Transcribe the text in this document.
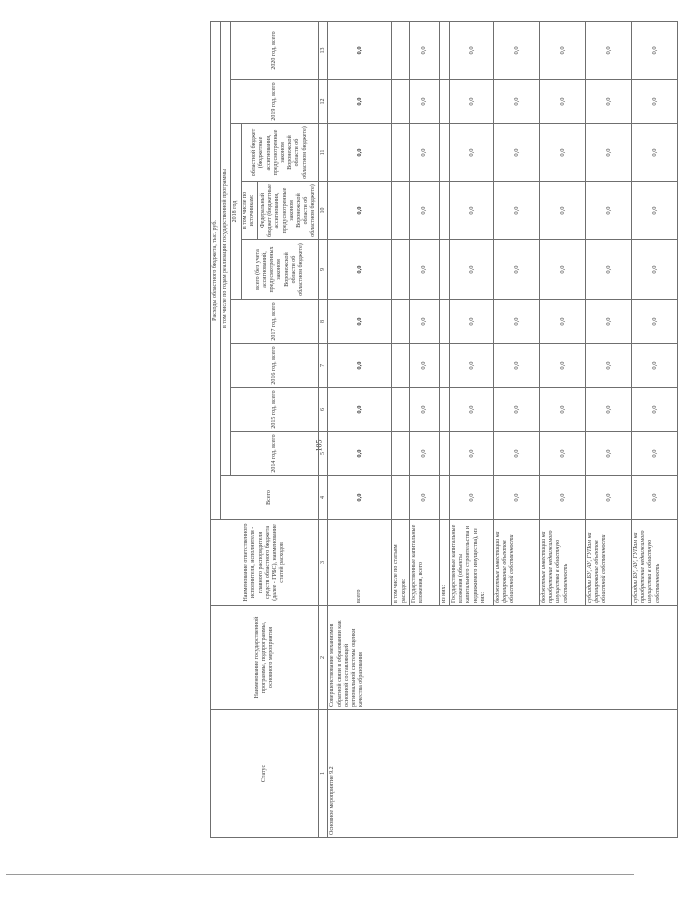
105
Статус	Наименование государственной программы, подпрограммы, основного мероприятия	Наименование ответственного исполнителя, исполнителя - главного распорядителя средств областного бюджета (далее - ГРБС), наименование статей расходов	Расходы областного бюджета, тыс. руб.									
			Всего	в том числе по годам реализации государственной программы								
				2014 год, всего	2015 год, всего	2016 год, всего	2017 год, всего	2018 год			2019 год, всего	2020 год, всего
								всего (без учета ассигнований, предусмотренных законом Воронежской области об областном бюджете)	в том числе по источникам: Федеральный бюджет (бюджетные ассигнования, предусмотренные законом Воронежской области об областном бюджете)	областной бюджет (бюджетные ассигнования, предусмотренные законом Воронежской области об областном бюджете)		
1	2	3	4	5	6	7	8	9	10	11	12	13
Основное мероприятие 9.2	Совершенствование механизмов обратной связи в образовании как основной составляющей региональной системы оценки качества образования	всего	0,0	0,0	0,0	0,0	0,0	0,0	0,0	0,0	0,0	0,0
		в том числе по статьям расходов:										
		Государственные капитальные вложения, всего	0,0	0,0	0,0	0,0	0,0	0,0	0,0	0,0	0,0	0,0
		из них:										
		Государственные капитальные вложения (объекты капитального строительства и недвижимого имущества), из них:	0,0	0,0	0,0	0,0	0,0	0,0	0,0	0,0	0,0	0,0
		бюджетные инвестиции на формирование объектов областной собственности	0,0	0,0	0,0	0,0	0,0	0,0	0,0	0,0	0,0	0,0
		бюджетные инвестиции на приобретение недвижимого имущества в областную собственность	0,0	0,0	0,0	0,0	0,0	0,0	0,0	0,0	0,0	0,0
		субсидии БУ, АУ, ГУПам на формирование объектов областной собственности	0,0	0,0	0,0	0,0	0,0	0,0	0,0	0,0	0,0	0,0
		субсидии БУ, АУ, ГУПам на приобретение недвижимого имущества в областную собственность	0,0	0,0	0,0	0,0	0,0	0,0	0,0	0,0	0,0	0,0
